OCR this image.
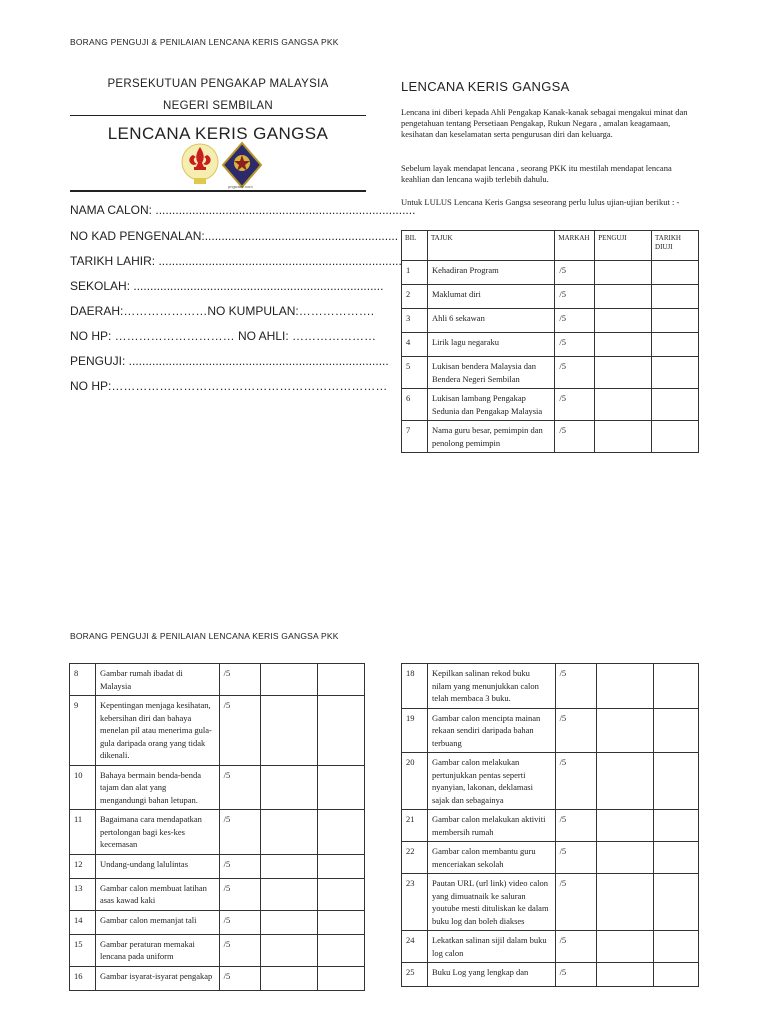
BORANG PENGUJI & PENILAIAN LENCANA KERIS GANGSA PKK
PERSEKUTUAN PENGAKAP MALAYSIA
NEGERI SEMBILAN
LENCANA KERIS GANGSA
pngwave.com
NAMA CALON: ..............................................................................
NO KAD PENGENALAN:..........................................................
TARIKH LAHIR: .........................................................................
SEKOLAH: ...........................................................................
DAERAH:…………………NO KUMPULAN:……………….
NO HP: ………………………… NO AHLI: …………………
PENGUJI: ..............................................................................
NO HP:……………………………………………………………
LENCANA KERIS GANGSA
Lencana ini diberi kepada Ahli Pengakap Kanak-kanak sebagai mengakui minat dan pengetahuan tentang Persetiaan Pengakap, Rukun Negara , amalan keagamaan, kesihatan dan keselamatan serta pengurusan diri dan keluarga.
Sebelum layak mendapat lencana , seorang PKK itu mestilah mendapat lencana keahlian dan lencana wajib terlebih dahulu.
Untuk LULUS Lencana Keris Gangsa seseorang perlu lulus ujian-ujian berikut : -
BIL	TAJUK	MARKAH	PENGUJI	TARIKH DIUJI
1	Kehadiran Program	/5		
2	Maklumat diri	/5		
3	Ahli 6 sekawan	/5		
4	Lirik lagu negaraku	/5		
5	Lukisan bendera Malaysia dan Bendera Negeri Sembilan	/5		
6	Lukisan lambang Pengakap Sedunia dan Pengakap Malaysia	/5		
7	Nama guru besar, pemimpin dan penolong pemimpin	/5		
BORANG PENGUJI & PENILAIAN LENCANA KERIS GANGSA PKK
8	Gambar rumah ibadat di Malaysia	/5		
9	Kepentingan menjaga kesihatan, kebersihan diri dan bahaya menelan pil atau menerima gula-gula daripada orang yang tidak dikenali.	/5		
10	Bahaya bermain benda-benda tajam dan alat yang mengandungi bahan letupan.	/5		
11	Bagaimana cara mendapatkan pertolongan bagi kes-kes kecemasan	/5		
12	Undang-undang lalulintas	/5		
13	Gambar calon membuat latihan asas kawad kaki	/5		
14	Gambar calon memanjat tali	/5		
15	Gambar peraturan memakai lencana pada uniform	/5		
16	Gambar isyarat-isyarat pengakap	/5		
18	Kepilkan salinan rekod buku nilam yang menunjukkan calon telah membaca 3 buku.	/5		
19	Gambar calon mencipta mainan rekaan sendiri daripada bahan terbuang	/5		
20	Gambar calon melakukan pertunjukkan pentas seperti nyanyian, lakonan, deklamasi sajak dan sebagainya	/5		
21	Gambar calon melakukan aktiviti membersih rumah	/5		
22	Gambar calon membantu guru menceriakan sekolah	/5		
23	Pautan URL (url link) video calon yang dimuatnaik ke saluran youtube mesti dituliskan ke dalam buku log dan boleh diakses	/5		
24	Lekatkan salinan sijil dalam buku log calon	/5		
25	Buku Log yang lengkap dan	/5		
